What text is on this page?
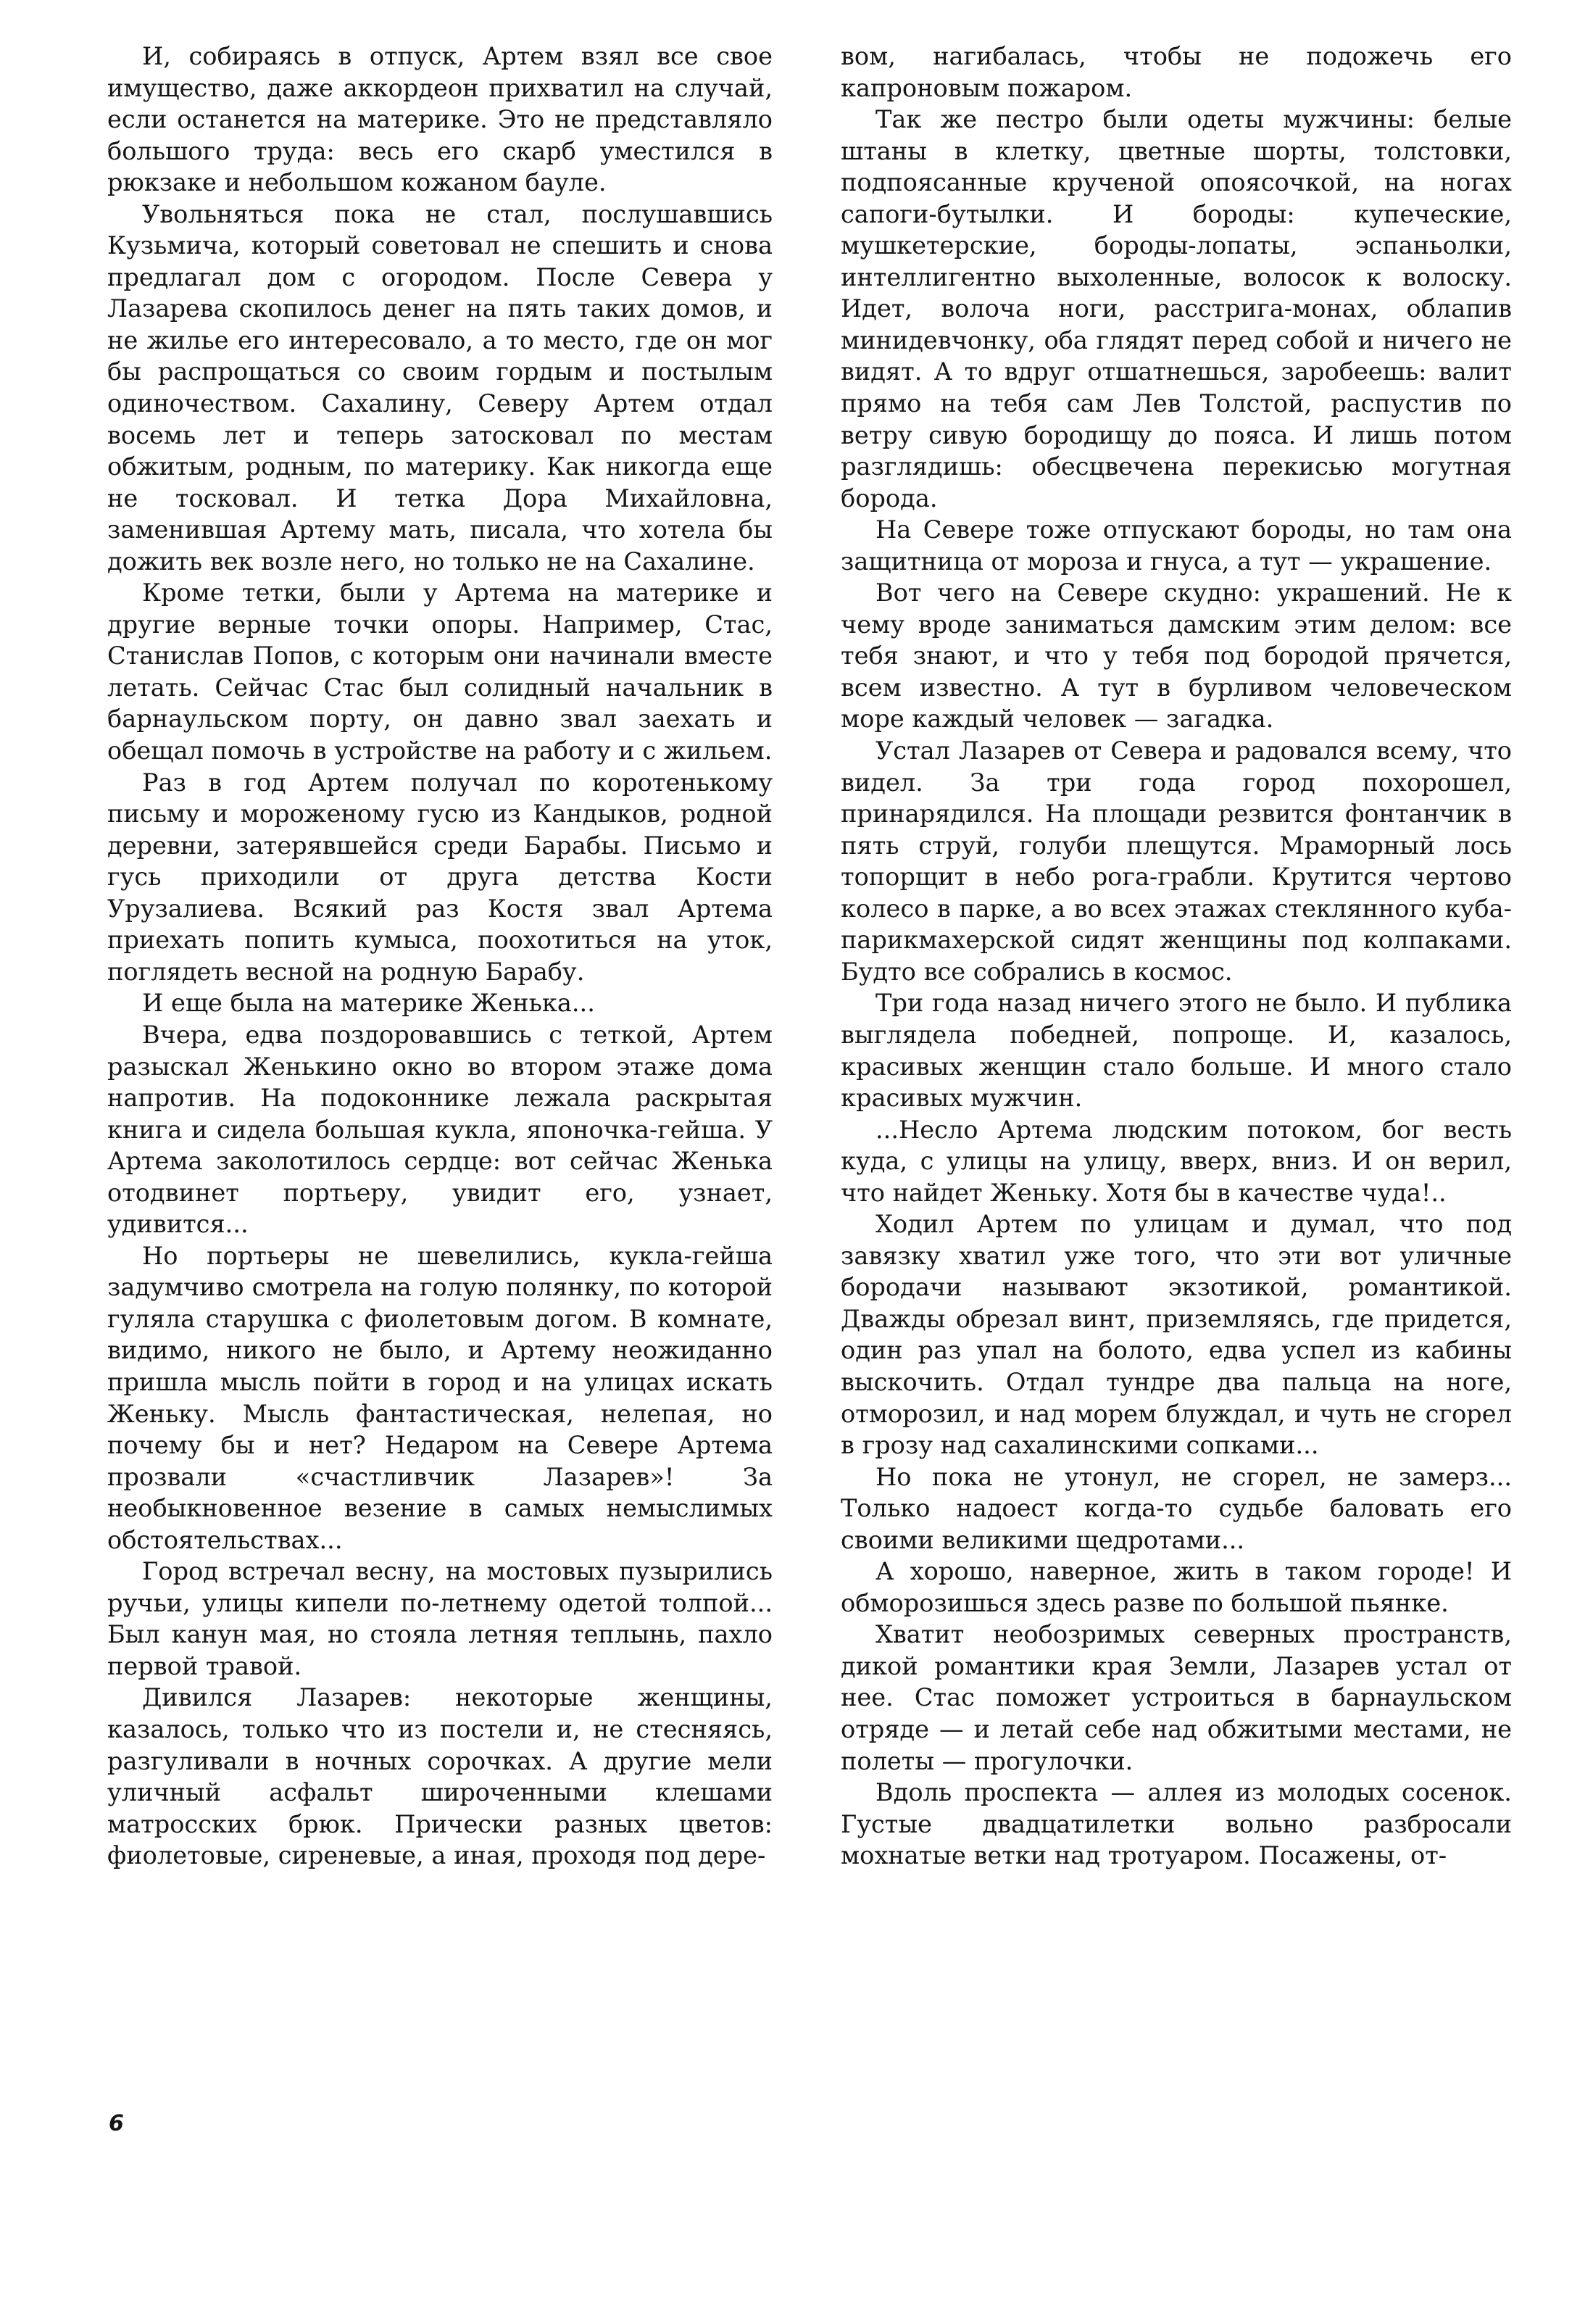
И, собираясь в отпуск, Артем взял все свое имущество, даже аккордеон прихватил на случай, если останется на материке. Это не представляло большого труда: весь его скарб уместился в рюкзаке и небольшом кожаном бауле.

Увольняться пока не стал, послушавшись Кузьмича, который советовал не спешить и снова предлагал дом с огородом. После Севера у Лазарева скопилось денег на пять таких домов, и не жилье его интересовало, а то место, где он мог бы распрощаться со своим гордым и постылым одиночеством. Сахалину, Северу Артем отдал восемь лет и теперь затосковал по местам обжитым, родным, по материку. Как никогда еще не тосковал. И тетка Дора Михайловна, заменившая Артему мать, писала, что хотела бы дожить век возле него, но только не на Сахалине.

Кроме тетки, были у Артема на материке и другие верные точки опоры. Например, Стас, Станислав Попов, с которым они начинали вместе летать. Сейчас Стас был солидный начальник в барнаульском порту, он давно звал заехать и обещал помочь в устройстве на работу и с жильем.

Раз в год Артем получал по коротенькому письму и мороженому гусю из Кандыков, родной деревни, затерявшейся среди Барабы. Письмо и гусь приходили от друга детства Кости Урузалиева. Всякий раз Костя звал Артема приехать попить кумыса, поохотиться на уток, поглядеть весной на родную Барабу.

И еще была на материке Женька...

Вчера, едва поздоровавшись с теткой, Артем разыскал Женькино окно во втором этаже дома напротив. На подоконнике лежала раскрытая книга и сидела большая кукла, японочка-гейша. У Артема заколотилось сердце: вот сейчас Женька отодвинет портьеру, увидит его, узнает, удивится...

Но портьеры не шевелились, кукла-гейша задумчиво смотрела на голую полянку, по которой гуляла старушка с фиолетовым догом. В комнате, видимо, никого не было, и Артему неожиданно пришла мысль пойти в город и на улицах искать Женьку. Мысль фантастическая, нелепая, но почему бы и нет? Недаром на Севере Артема прозвали «счастливчик Лазарев»! За необыкновенное везение в самых немыслимых обстоятельствах...

Город встречал весну, на мостовых пузырились ручьи, улицы кипели по-летнему одетой толпой... Был канун мая, но стояла летняя теплынь, пахло первой травой.

Дивился Лазарев: некоторые женщины, казалось, только что из постели и, не стесняясь, разгуливали в ночных сорочках. А другие мели уличный асфальт широченными клешами матросских брюк. Прически разных цветов: фиолетовые, сиреневые, а иная, проходя под дере-

вом, нагибалась, чтобы не подожечь его капроновым пожаром.

Так же пестро были одеты мужчины: белые штаны в клетку, цветные шорты, толстовки, подпоясанные крученой опоясочкой, на ногах сапоги-бутылки. И бороды: купеческие, мушкетерские, бороды-лопаты, эспаньолки, интеллигентно выхоленные, волосок к волоску. Идет, волоча ноги, расстрига-монах, облапив минидевчонку, оба глядят перед собой и ничего не видят. А то вдруг отшатнешься, заробеешь: валит прямо на тебя сам Лев Толстой, распустив по ветру сивую бородищу до пояса. И лишь потом разглядишь: обесцвечена перекисью могутная борода.

На Севере тоже отпускают бороды, но там она защитница от мороза и гнуса, а тут — украшение.

Вот чего на Севере скудно: украшений. Не к чему вроде заниматься дамским этим делом: все тебя знают, и что у тебя под бородой прячется, всем известно. А тут в бурливом человеческом море каждый человек — загадка.

Устал Лазарев от Севера и радовался всему, что видел. За три года город похорошел, принарядился. На площади резвится фонтанчик в пять струй, голуби плещутся. Мраморный лось топорщит в небо рога-грабли. Крутится чертово колесо в парке, а во всех этажах стеклянного куба-парикмахерской сидят женщины под колпаками. Будто все собрались в космос.

Три года назад ничего этого не было. И публика выглядела победней, попроще. И, казалось, красивых женщин стало больше. И много стало красивых мужчин.

...Несло Артема людским потоком, бог весть куда, с улицы на улицу, вверх, вниз. И он верил, что найдет Женьку. Хотя бы в качестве чуда!..

Ходил Артем по улицам и думал, что под завязку хватил уже того, что эти вот уличные бородачи называют экзотикой, романтикой. Дважды обрезал винт, приземляясь, где придется, один раз упал на болото, едва успел из кабины выскочить. Отдал тундре два пальца на ноге, отморозил, и над морем блуждал, и чуть не сгорел в грозу над сахалинскими сопками...

Но пока не утонул, не сгорел, не замерз... Только надоест когда-то судьбе баловать его своими великими щедротами...

А хорошо, наверное, жить в таком городе! И обморозишься здесь разве по большой пьянке.

Хватит необозримых северных пространств, дикой романтики края Земли, Лазарев устал от нее. Стас поможет устроиться в барнаульском отряде — и летай себе над обжитыми местами, не полеты — прогулочки.

Вдоль проспекта — аллея из молодых сосенок. Густые двадцатилетки вольно разбросали мохнатые ветки над тротуаром. Посажены, от-

6
